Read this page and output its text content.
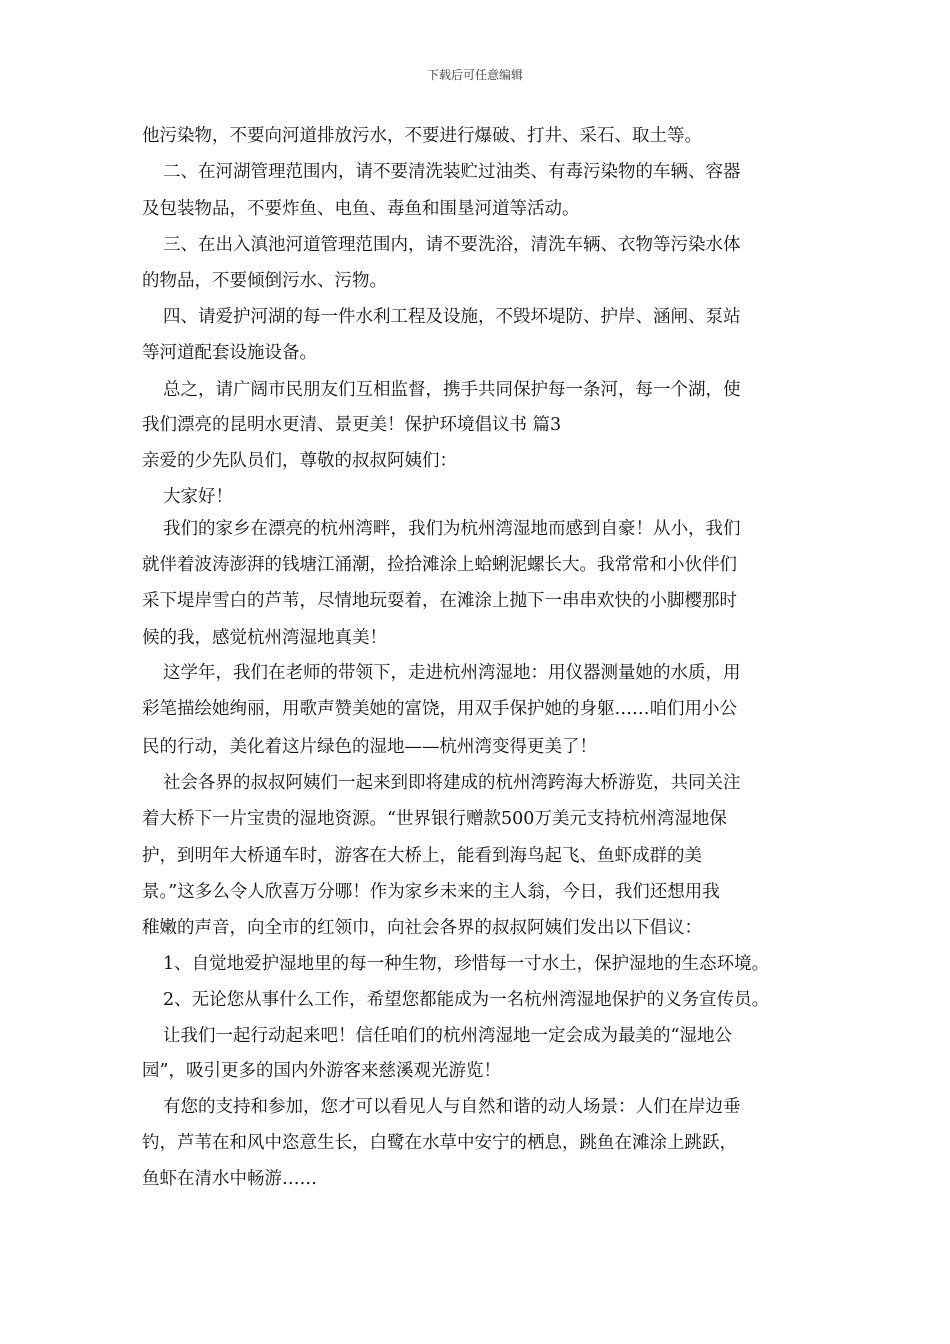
下载后可任意编辑
他污染物，不要向河道排放污水，不要进行爆破、打井、采石、取土等。
二、在河湖管理范围内，请不要清洗装贮过油类、有毒污染物的车辆、容器
及包装物品，不要炸鱼、电鱼、毒鱼和围垦河道等活动。
三、在出入滇池河道管理范围内，请不要洗浴，清洗车辆、衣物等污染水体
的物品，不要倾倒污水、污物。
四、请爱护河湖的每一件水利工程及设施，不毁坏堤防、护岸、涵闸、泵站
等河道配套设施设备。
总之，请广阔市民朋友们互相监督，携手共同保护每一条河，每一个湖，使
我们漂亮的昆明水更清、景更美！保护环境倡议书 篇3
亲爱的少先队员们，尊敬的叔叔阿姨们：
大家好！
我们的家乡在漂亮的杭州湾畔，我们为杭州湾湿地而感到自豪！从小，我们
就伴着波涛澎湃的钱塘江涌潮，捡拾滩涂上蛤蜊泥螺长大。我常常和小伙伴们
采下堤岸雪白的芦苇，尽情地玩耍着，在滩涂上抛下一串串欢快的小脚樱那时
候的我，感觉杭州湾湿地真美！
这学年，我们在老师的带领下，走进杭州湾湿地：用仪器测量她的水质，用
彩笔描绘她绚丽，用歌声赞美她的富饶，用双手保护她的身躯……咱们用小公
民的行动，美化着这片绿色的湿地——杭州湾变得更美了！
社会各界的叔叔阿姨们一起来到即将建成的杭州湾跨海大桥游览，共同关注
着大桥下一片宝贵的湿地资源。“世界银行赠款500万美元支持杭州湾湿地保
护，到明年大桥通车时，游客在大桥上，能看到海鸟起飞、鱼虾成群的美
景。”这多么令人欣喜万分哪！作为家乡未来的主人翁，今日，我们还想用我
稚嫩的声音，向全市的红领巾，向社会各界的叔叔阿姨们发出以下倡议：
1、自觉地爱护湿地里的每一种生物，珍惜每一寸水土，保护湿地的生态环境。
2、无论您从事什么工作，希望您都能成为一名杭州湾湿地保护的义务宣传员。
让我们一起行动起来吧！信任咱们的杭州湾湿地一定会成为最美的“湿地公
园”，吸引更多的国内外游客来慈溪观光游览！
有您的支持和参加，您才可以看见人与自然和谐的动人场景：人们在岸边垂
钓，芦苇在和风中恣意生长，白鹭在水草中安宁的栖息，跳鱼在滩涂上跳跃，
鱼虾在清水中畅游……
